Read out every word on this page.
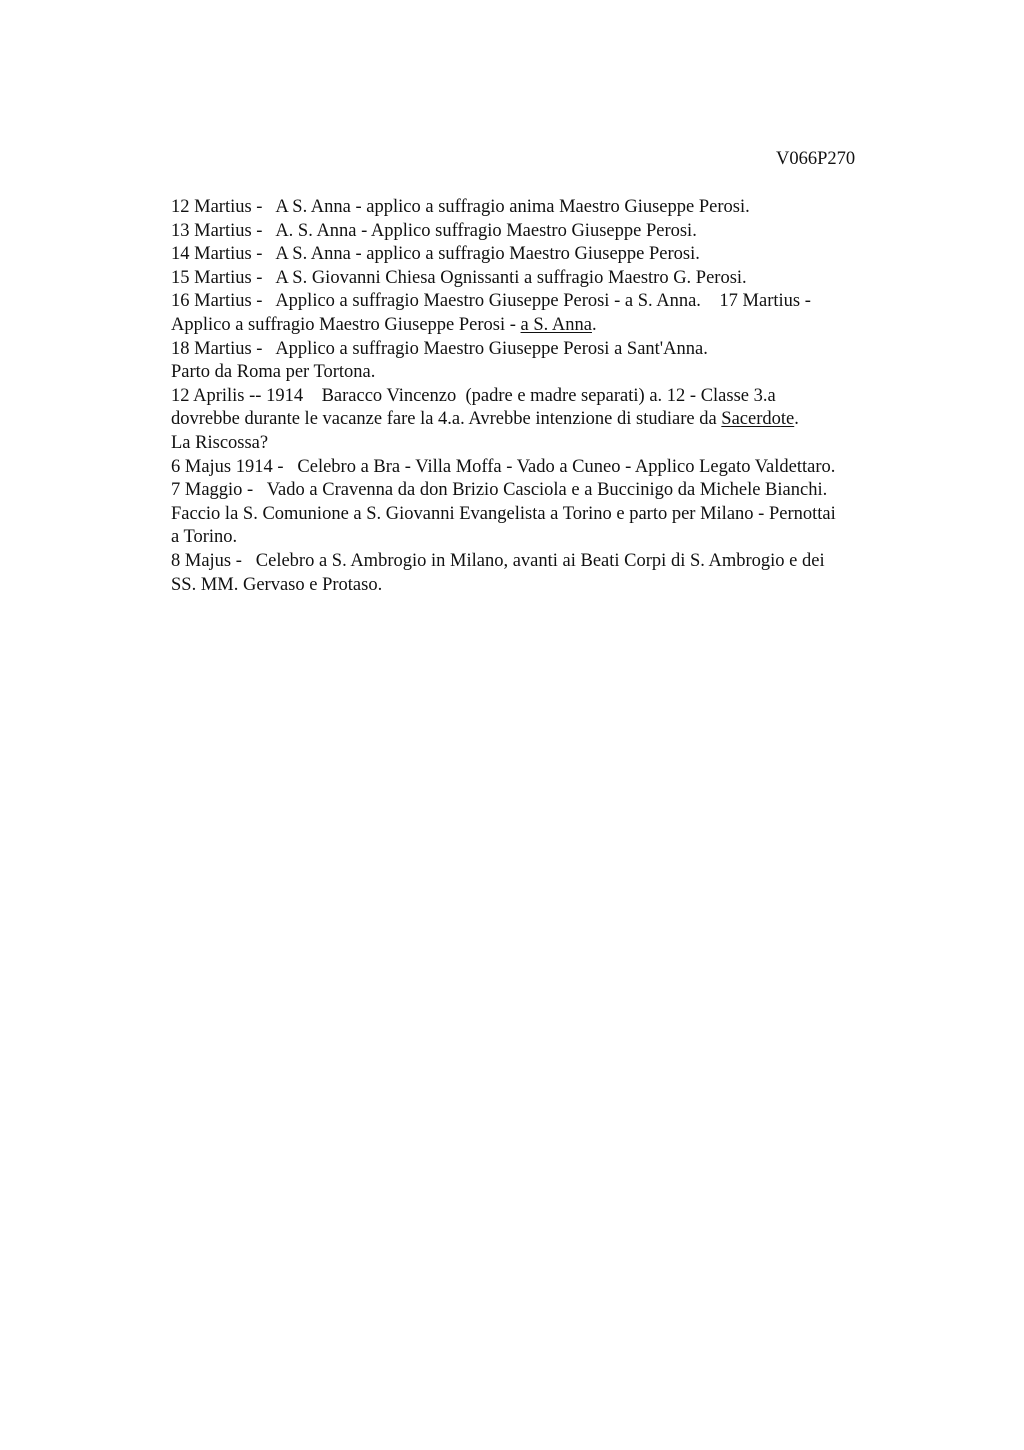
V066P270
12 Martius -   A S. Anna - applico a suffragio anima Maestro Giuseppe Perosi.
13 Martius -   A. S. Anna - Applico suffragio Maestro Giuseppe Perosi.
14 Martius -   A S. Anna - applico a suffragio Maestro Giuseppe Perosi.
15 Martius -   A S. Giovanni Chiesa Ognissanti a suffragio Maestro G. Perosi.
16 Martius -   Applico a suffragio Maestro Giuseppe Perosi - a S. Anna.    17 Martius -
Applico a suffragio Maestro Giuseppe Perosi - a S. Anna.
18 Martius -   Applico a suffragio Maestro Giuseppe Perosi a Sant'Anna.
Parto da Roma per Tortona.
12 Aprilis -- 1914    Baracco Vincenzo  (padre e madre separati) a. 12 - Classe 3.a
dovrebbe durante le vacanze fare la 4.a. Avrebbe intenzione di studiare da Sacerdote.
La Riscossa?
6 Majus 1914 -   Celebro a Bra - Villa Moffa - Vado a Cuneo - Applico Legato Valdettaro.
7 Maggio -   Vado a Cravenna da don Brizio Casciola e a Buccinigo da Michele Bianchi.
Faccio la S. Comunione a S. Giovanni Evangelista a Torino e parto per Milano - Pernottai
a Torino.
8 Majus -   Celebro a S. Ambrogio in Milano, avanti ai Beati Corpi di S. Ambrogio e dei
SS. MM. Gervaso e Protaso.
